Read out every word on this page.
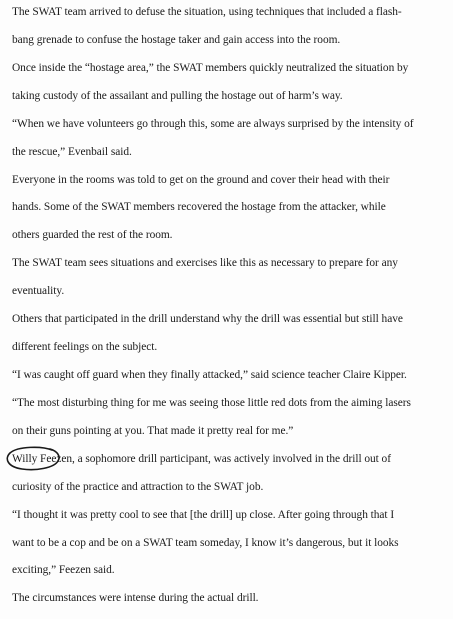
The SWAT team arrived to defuse the situation, using techniques that included a flash-
bang grenade to confuse the hostage taker and gain access into the room.
Once inside the “hostage area,” the SWAT members quickly neutralized the situation by
taking custody of the assailant and pulling the hostage out of harm’s way.
“When we have volunteers go through this, some are always surprised by the intensity of
the rescue,” Evenbail said.
Everyone in the rooms was told to get on the ground and cover their head with their
hands. Some of the SWAT members recovered the hostage from the attacker, while
others guarded the rest of the room.
The SWAT team sees situations and exercises like this as necessary to prepare for any
eventuality.
Others that participated in the drill understand why the drill was essential but still have
different feelings on the subject.
“I was caught off guard when they finally attacked,” said science teacher Claire Kipper.
“The most disturbing thing for me was seeing those little red dots from the aiming lasers
on their guns pointing at you. That made it pretty real for me.”
Willy Feezen, a sophomore drill participant, was actively involved in the drill out of
curiosity of the practice and attraction to the SWAT job.
“I thought it was pretty cool to see that [the drill] up close. After going through that I
want to be a cop and be on a SWAT team someday, I know it’s dangerous, but it looks
exciting,” Feezen said.
The circumstances were intense during the actual drill.
